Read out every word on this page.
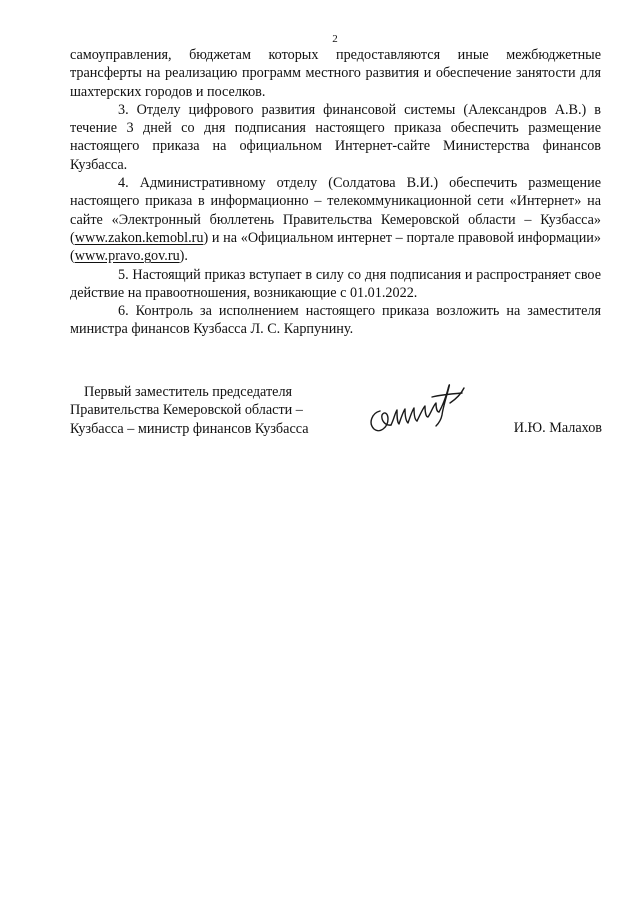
2

самоуправления, бюджетам которых предоставляются иные межбюджетные трансферты на реализацию программ местного развития и обеспечение занятости для шахтерских городов и поселков.

3. Отделу цифрового развития финансовой системы (Александров А.В.) в течение 3 дней со дня подписания настоящего приказа обеспечить размещение настоящего приказа на официальном Интернет-сайте Министерства финансов Кузбасса.

4. Административному отделу (Солдатова В.И.) обеспечить размещение настоящего приказа в информационно – телекоммуникационной сети «Интернет» на сайте «Электронный бюллетень Правительства Кемеровской области – Кузбасса» (www.zakon.kemobl.ru) и на «Официальном интернет – портале правовой информации» (www.pravo.gov.ru).

5. Настоящий приказ вступает в силу со дня подписания и распространяет свое действие на правоотношения, возникающие с 01.01.2022.

6. Контроль за исполнением настоящего приказа возложить на заместителя министра финансов Кузбасса Л. С. Карпунину.

Первый заместитель председателя
Правительства Кемеровской области –
Кузбасса – министр финансов Кузбасса	И.Ю. Малахов
